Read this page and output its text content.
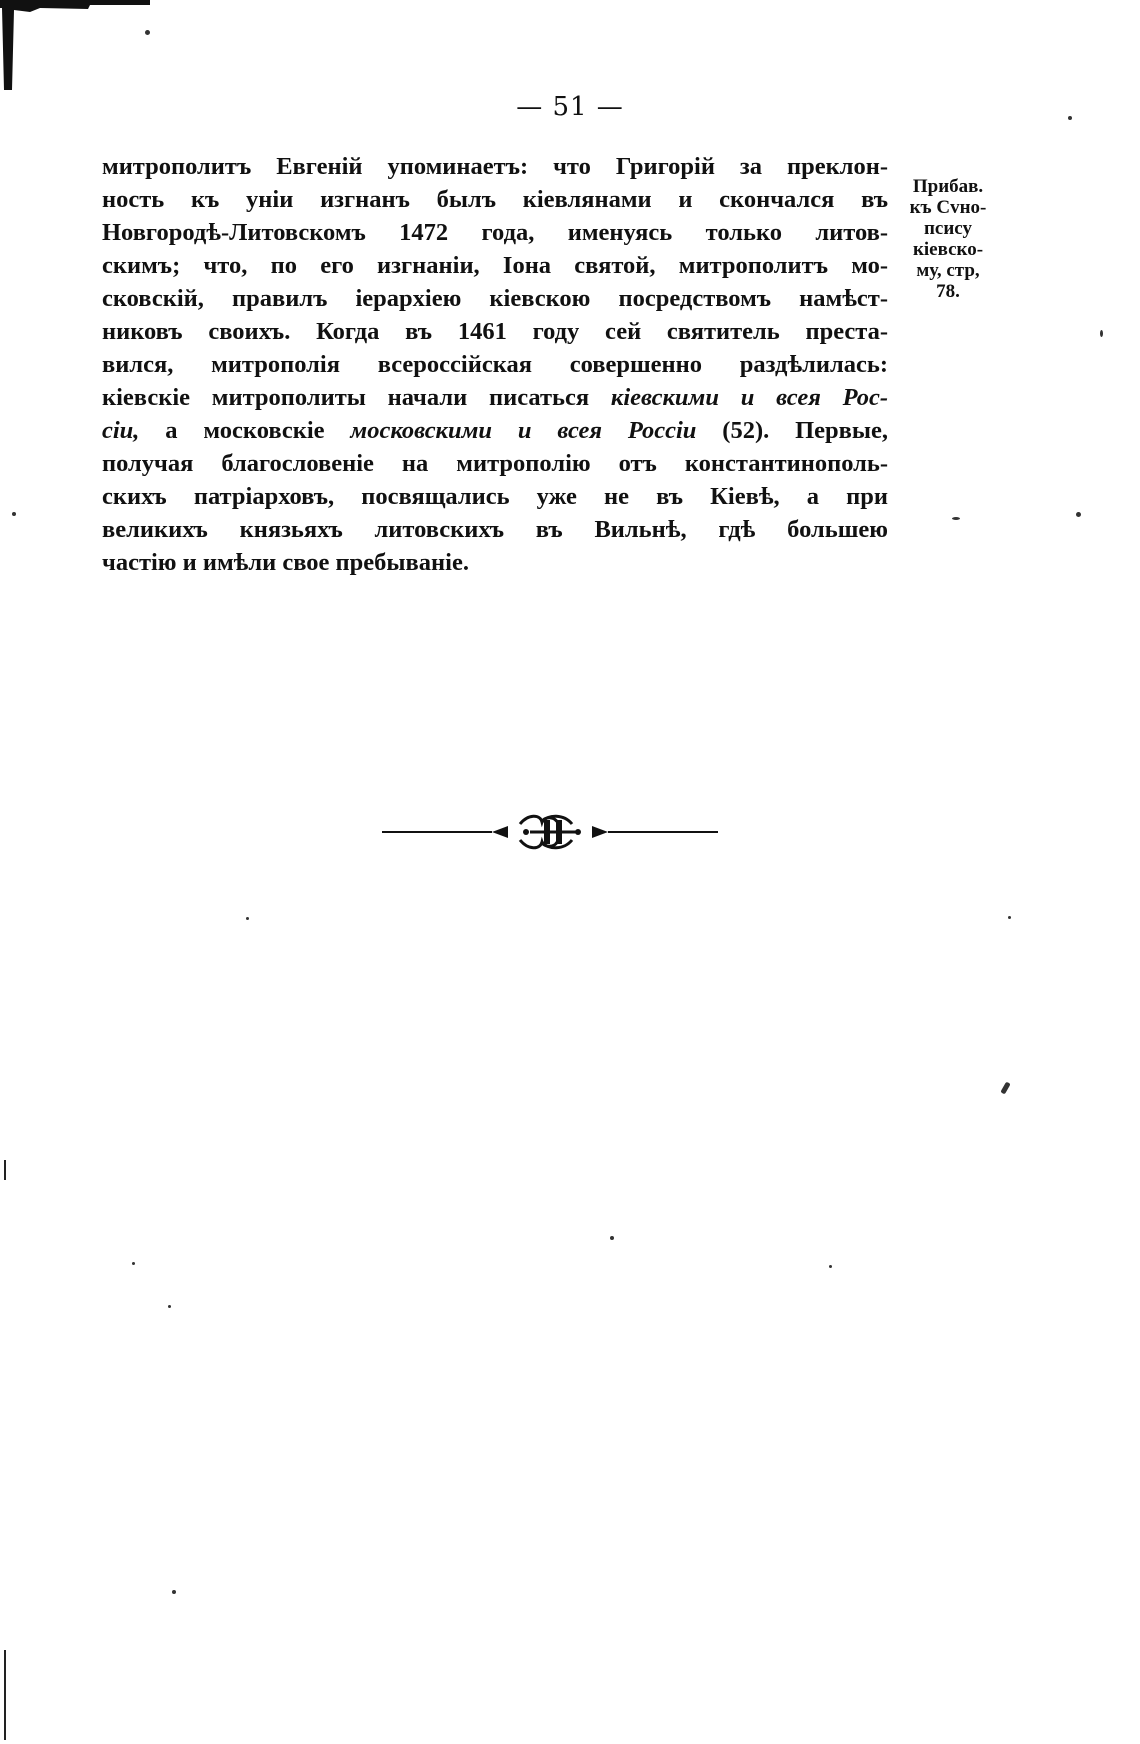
— 51 —
митрополитъ Евгеній упоминаетъ: что Григорій за преклон-
ность къ уніи изгнанъ былъ кіевлянами и скончался въ
Новгородѣ-Литовскомъ 1472 года, именуясь только литов-
скимъ; что, по его изгнаніи, Іона святой, митрополитъ мо-
сковскій, правилъ іерархіею кіевскою посредствомъ намѣст-
никовъ своихъ. Когда въ 1461 году сей святитель преста-
вился, митрополія всероссійская совершенно раздѣлилась:
кіевскіе митрополиты начали писаться кіевскими и всея Рос-
сіи, а московскіе московскими и всея Россіи (52). Первые,
получая благословеніе на митрополію отъ константинополь-
скихъ патріарховъ, посвящались уже не въ Кіевѣ, а при
великихъ князьяхъ литовскихъ въ Вильнѣ, гдѣ большею
частію и имѣли свое пребываніе.
Прибав.
къ Сvно-
псису
кіевско-
му, стр,
78.
